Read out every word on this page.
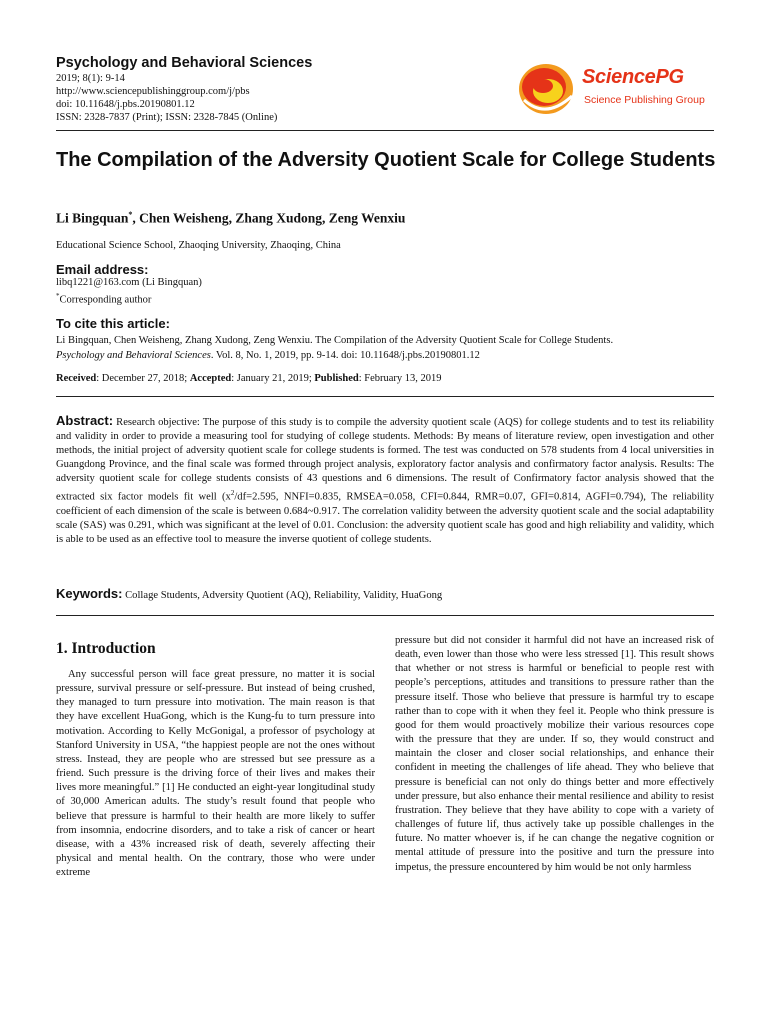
Psychology and Behavioral Sciences
2019; 8(1): 9-14
http://www.sciencepublishinggroup.com/j/pbs
doi: 10.11648/j.pbs.20190801.12
ISSN: 2328-7837 (Print); ISSN: 2328-7845 (Online)
SciencePG
Science Publishing Group
The Compilation of the Adversity Quotient Scale for College Students
Li Bingquan*, Chen Weisheng, Zhang Xudong, Zeng Wenxiu
Educational Science School, Zhaoqing University, Zhaoqing, China
Email address:
libq1221@163.com (Li Bingquan)
*Corresponding author
To cite this article:
Li Bingquan, Chen Weisheng, Zhang Xudong, Zeng Wenxiu. The Compilation of the Adversity Quotient Scale for College Students.
Psychology and Behavioral Sciences. Vol. 8, No. 1, 2019, pp. 9-14. doi: 10.11648/j.pbs.20190801.12
Received: December 27, 2018; Accepted: January 21, 2019; Published: February 13, 2019
Abstract: Research objective: The purpose of this study is to compile the adversity quotient scale (AQS) for college students and to test its reliability and validity in order to provide a measuring tool for studying of college students. Methods: By means of literature review, open investigation and other methods, the initial project of adversity quotient scale for college students is formed. The test was conducted on 578 students from 4 local universities in Guangdong Province, and the final scale was formed through project analysis, exploratory factor analysis and confirmatory factor analysis. Results: The adversity quotient scale for college students consists of 43 questions and 6 dimensions. The result of Confirmatory factor analysis showed that the extracted six factor models fit well ($x^2/df=2.595$, NNFI=0.835, RMSEA=0.058, CFI=0.844, RMR=0.07, GFI=0.814, AGFI=0.794), The reliability coefficient of each dimension of the scale is between 0.684~0.917. The correlation validity between the adversity quotient scale and the social adaptability scale (SAS) was 0.291, which was significant at the level of 0.01. Conclusion: the adversity quotient scale has good and high reliability and validity, which is able to be used as an effective tool to measure the inverse quotient of college students.
Keywords: Collage Students, Adversity Quotient (AQ), Reliability, Validity, HuaGong
1. Introduction
Any successful person will face great pressure, no matter it is social pressure, survival pressure or self-pressure. But instead of being crushed, they managed to turn pressure into motivation. The main reason is that they have excellent HuaGong, which is the Kung-fu to turn pressure into motivation. According to Kelly McGonigal, a professor of psychology at Stanford University in USA, “the happiest people are not the ones without stress. Instead, they are people who are stressed but see pressure as a friend. Such pressure is the driving force of their lives and makes their lives more meaningful.” [1] He conducted an eight-year longitudinal study of 30,000 American adults. The study’s result found that people who believe that pressure is harmful to their health are more likely to suffer from insomnia, endocrine disorders, and to take a risk of cancer or heart disease, with a 43% increased risk of death, severely affecting their physical and mental health. On the contrary, those who were under extreme
pressure but did not consider it harmful did not have an increased risk of death, even lower than those who were less stressed [1]. This result shows that whether or not stress is harmful or beneficial to people rest with people’s perceptions, attitudes and transitions to pressure rather than the pressure itself. Those who believe that pressure is harmful try to escape rather than to cope with it when they feel it. People who think pressure is good for them would proactively mobilize their various resources cope with the pressure that they are under. If so, they would construct and maintain the closer and closer social relationships, and enhance their confident in meeting the challenges of life ahead. They who believe that pressure is beneficial can not only do things better and more effectively under pressure, but also enhance their mental resilience and ability to resist frustration. They believe that they have ability to cope with a variety of challenges of future lif, thus actively take up possible challenges in the future. No matter whoever is, if he can change the negative cognition or mental attitude of pressure into the positive and turn the pressure into impetus, the pressure encountered by him would be not only harmless
